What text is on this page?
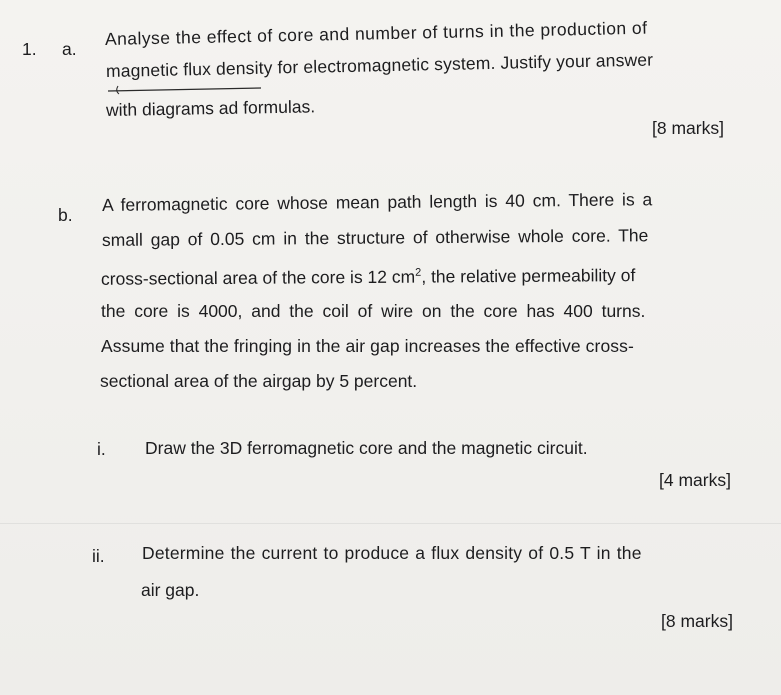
1. a.
Analyse the effect of core and number of turns in the production of
magnetic flux density for electromagnetic system. Justify your answer
with diagrams ad formulas.
[8 marks]
b.
A ferromagnetic core whose mean path length is 40 cm. There is a
small gap of 0.05 cm in the structure of otherwise whole core. The
cross-sectional area of the core is 12 $cm^2$, the relative permeability of
the core is 4000, and the coil of wire on the core has 400 turns.
Assume that the fringing in the air gap increases the effective cross-
sectional area of the airgap by 5 percent.
i. Draw the 3D ferromagnetic core and the magnetic circuit.
[4 marks]
ii. Determine the current to produce a flux density of 0.5 T in the
air gap.
[8 marks]
